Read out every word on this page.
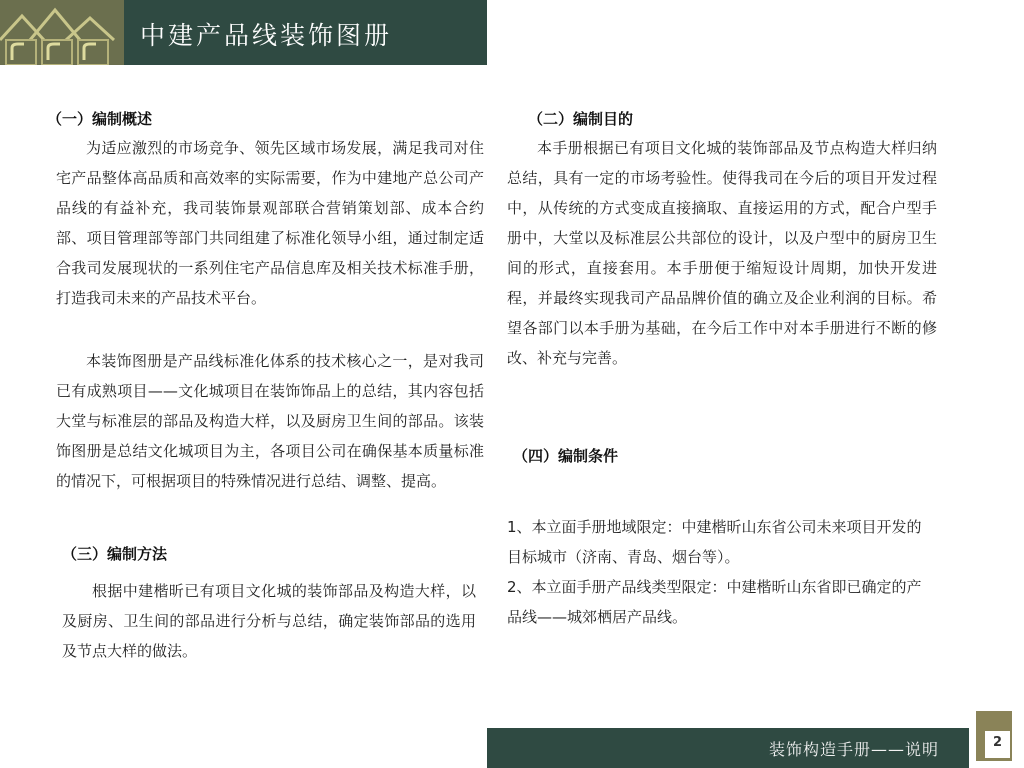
中建产品线装饰图册
（一）编制概述
为适应激烈的市场竞争、领先区域市场发展，满足我司对住宅产品整体高品质和高效率的实际需要，作为中建地产总公司产品线的有益补充，我司装饰景观部联合营销策划部、成本合约部、项目管理部等部门共同组建了标准化领导小组，通过制定适合我司发展现状的一系列住宅产品信息库及相关技术标准手册，打造我司未来的产品技术平台。
本装饰图册是产品线标准化体系的技术核心之一，是对我司已有成熟项目——文化城项目在装饰饰品上的总结，其内容包括大堂与标准层的部品及构造大样，以及厨房卫生间的部品。该装饰图册是总结文化城项目为主，各项目公司在确保基本质量标准的情况下，可根据项目的特殊情况进行总结、调整、提高。
（三）编制方法
根据中建楷昕已有项目文化城的装饰部品及构造大样，以及厨房、卫生间的部品进行分析与总结，确定装饰部品的选用及节点大样的做法。
（二）编制目的
本手册根据已有项目文化城的装饰部品及节点构造大样归纳总结，具有一定的市场考验性。使得我司在今后的项目开发过程中，从传统的方式变成直接摘取、直接运用的方式，配合户型手册中，大堂以及标准层公共部位的设计，以及户型中的厨房卫生间的形式，直接套用。本手册便于缩短设计周期，加快开发进程，并最终实现我司产品品牌价值的确立及企业利润的目标。希望各部门以本手册为基础，在今后工作中对本手册进行不断的修改、补充与完善。
（四）编制条件
1、本立面手册地域限定：中建楷昕山东省公司未来项目开发的目标城市（济南、青岛、烟台等）。
2、本立面手册产品线类型限定：中建楷昕山东省即已确定的产品线——城郊栖居产品线。
装饰构造手册——说明	2
